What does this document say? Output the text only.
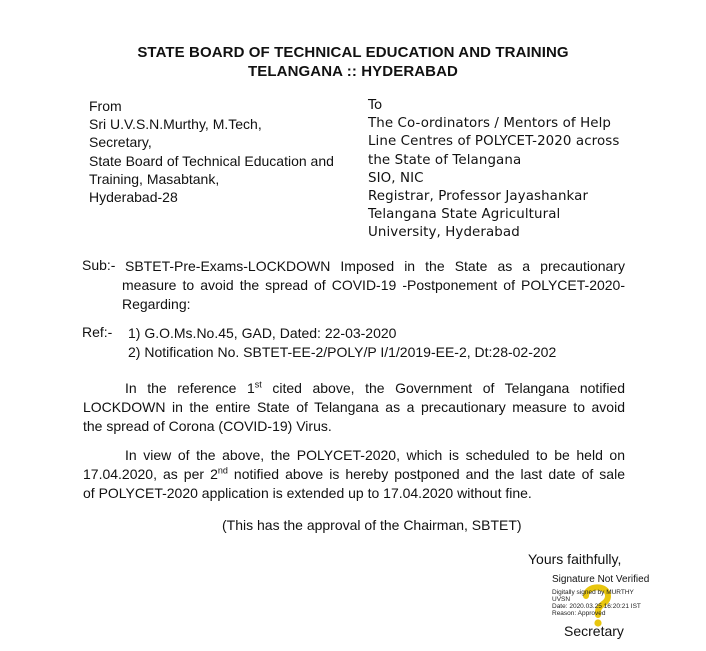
STATE BOARD OF TECHNICAL EDUCATION AND TRAINING
TELANGANA :: HYDERABAD
From
Sri U.V.S.N.Murthy, M.Tech,
Secretary,
State Board of Technical Education and
Training, Masabtank,
Hyderabad-28
To
The Co-ordinators / Mentors of Help
Line Centres of POLYCET-2020 across
the State of Telangana
SIO, NIC
Registrar, Professor Jayashankar
Telangana State Agricultural
University, Hyderabad
Sub:- SBTET-Pre-Exams-LOCKDOWN Imposed in the State as a precautionary
measure to avoid the spread of COVID-19 -Postponement of POLYCET-2020-
Regarding:
Ref:- 1) G.O.Ms.No.45, GAD, Dated: 22-03-2020
2) Notification No. SBTET-EE-2/POLY/P I/1/2019-EE-2, Dt:28-02-202
In the reference 1st cited above, the Government of Telangana notified
LOCKDOWN in the entire State of Telangana as a precautionary measure to avoid
the spread of Corona (COVID-19) Virus.
In view of the above, the POLYCET-2020, which is scheduled to be held on
17.04.2020, as per 2nd notified above is hereby postponed and the last date of sale
of POLYCET-2020 application is extended up to 17.04.2020 without fine.
(This has the approval of the Chairman, SBTET)
Yours faithfully,
Signature Not Verified
Digitally signed by MURTHY
UVSN
Date: 2020.03.25 16:20:21 IST
Reason: Approved
Secretary
